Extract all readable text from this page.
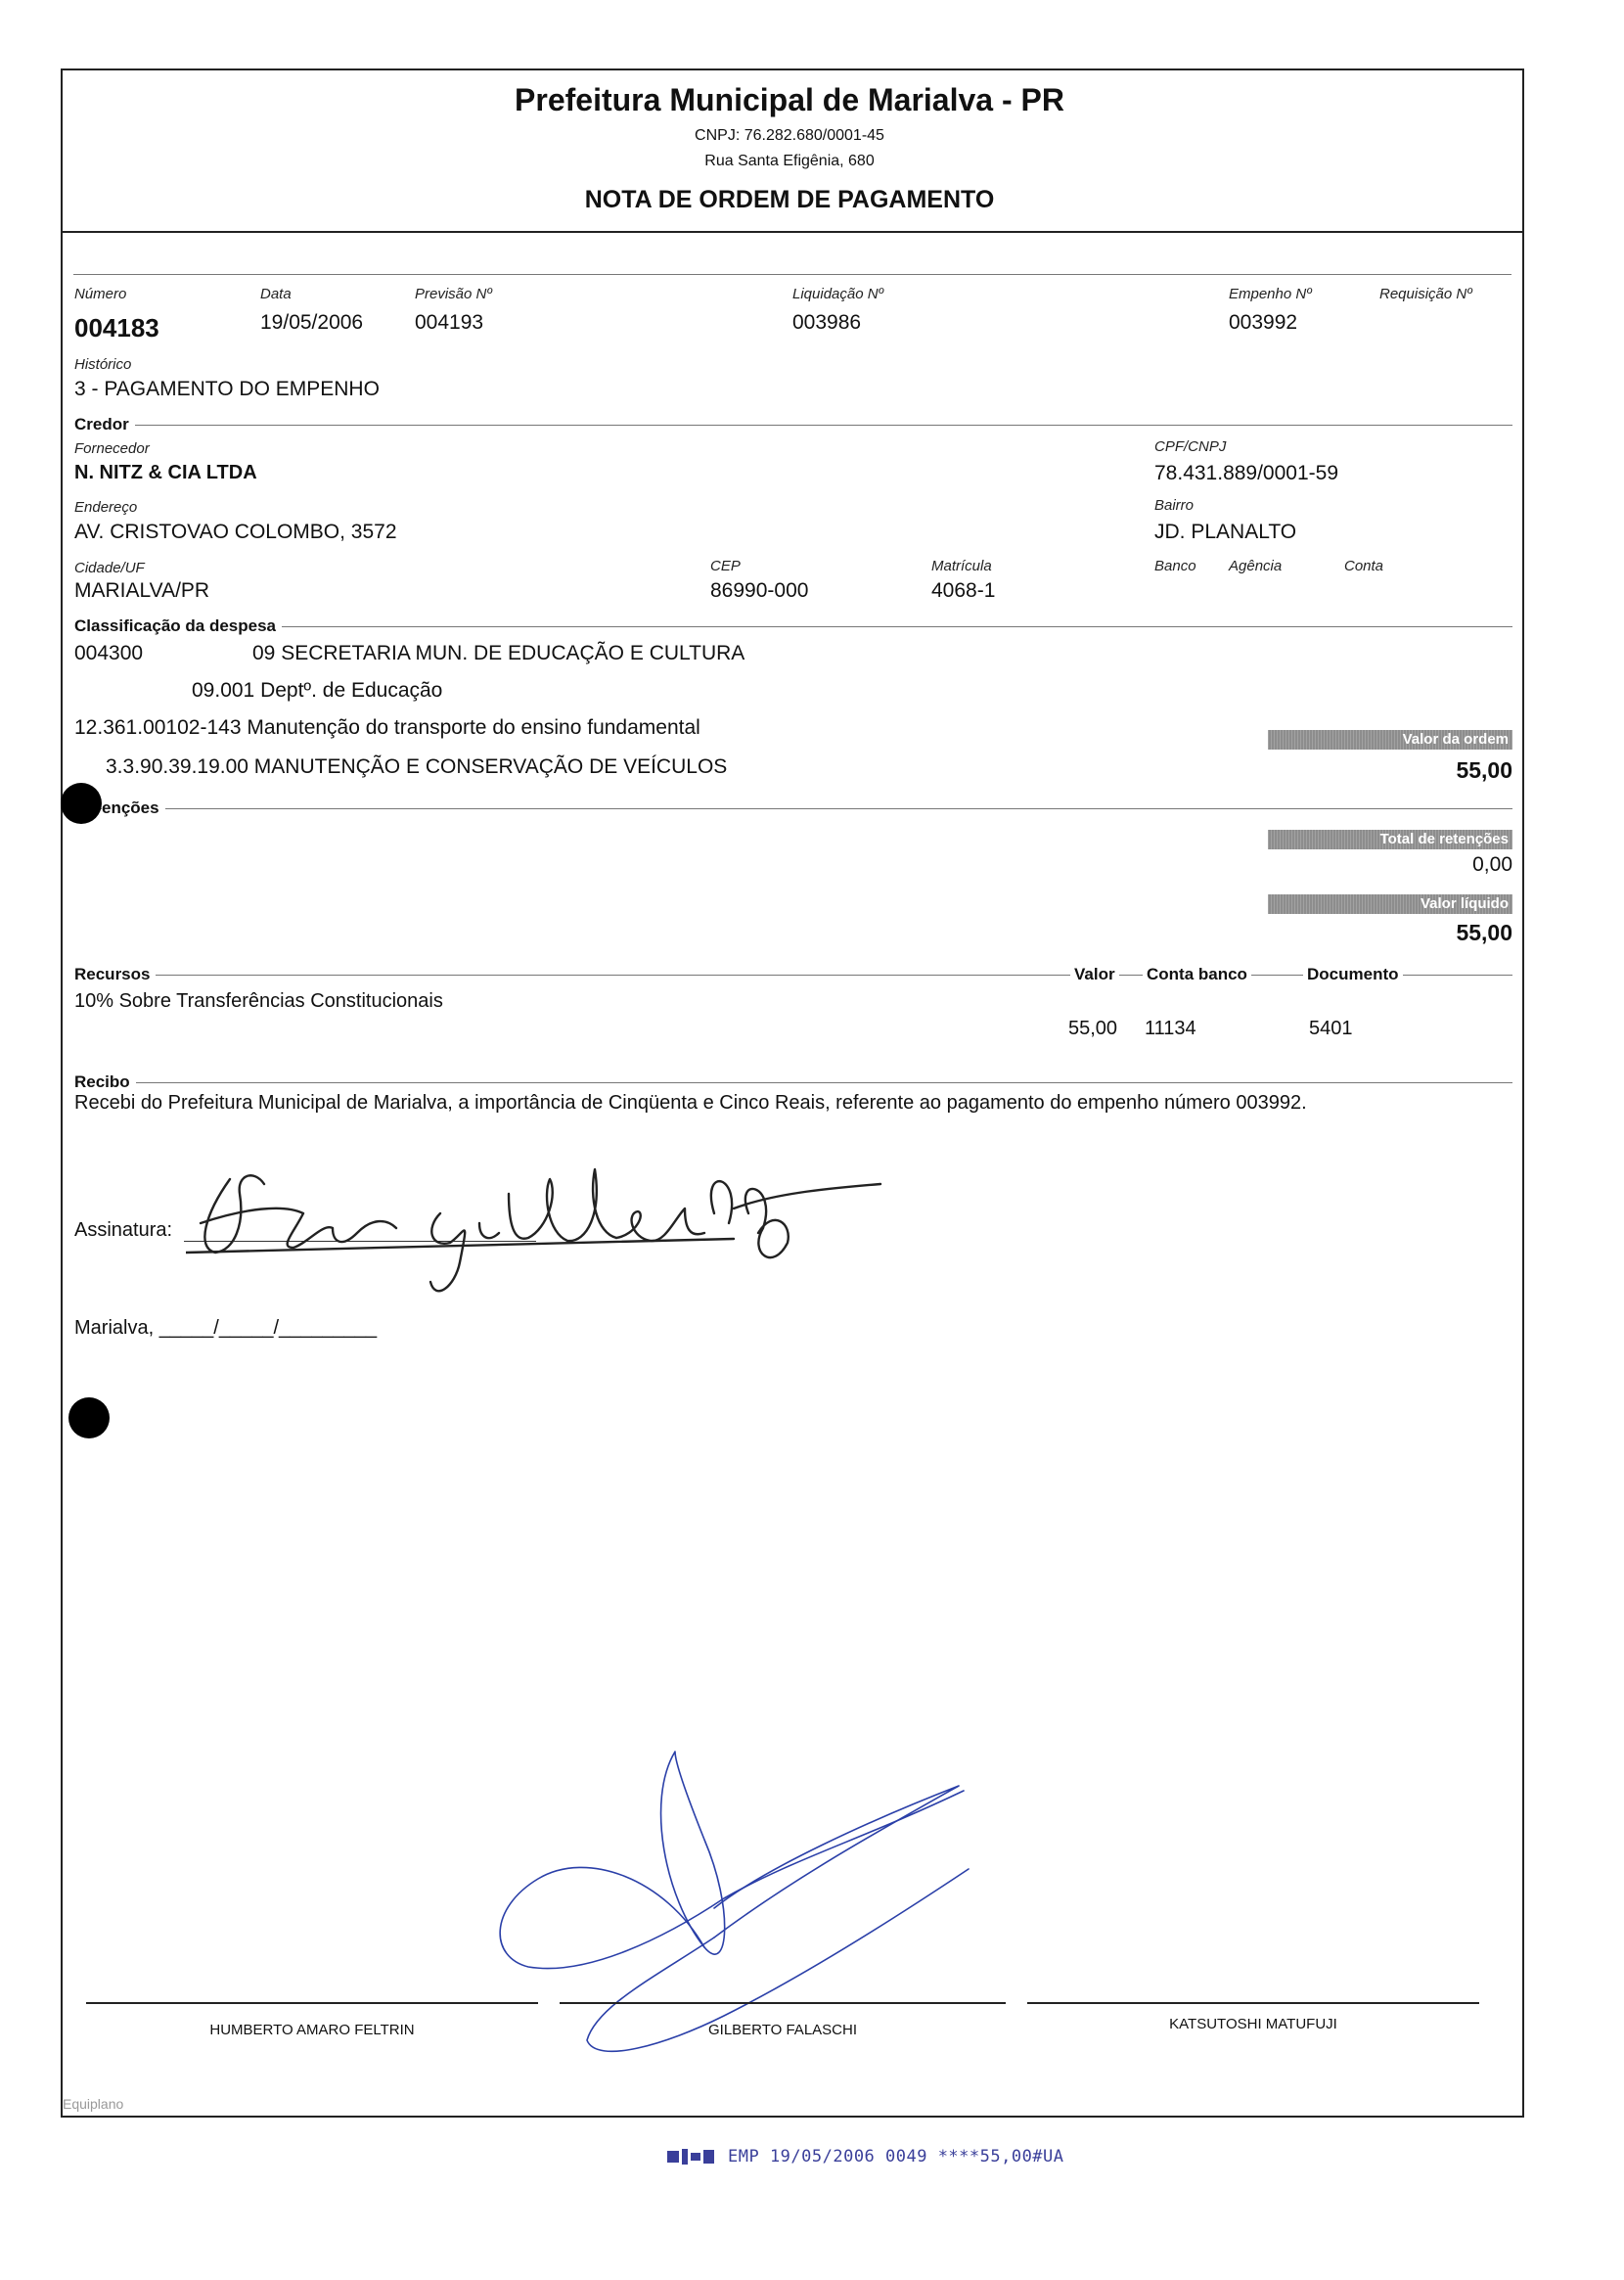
Prefeitura Municipal de Marialva - PR
CNPJ: 76.282.680/0001-45
Rua Santa Efigênia, 680
NOTA DE ORDEM DE PAGAMENTO
Número
004183
Data
19/05/2006
Previsão Nº
004193
Liquidação Nº
003986
Empenho Nº
003992
Requisição Nº
Histórico
3 - PAGAMENTO DO EMPENHO
Credor
Fornecedor
N. NITZ & CIA LTDA
CPF/CNPJ
78.431.889/0001-59
Endereço
AV. CRISTOVAO COLOMBO, 3572
Bairro
JD. PLANALTO
Cidade/UF
MARIALVA/PR
CEP
86990-000
Matrícula
4068-1
Banco Agência	Conta
Classificação da despesa
004300	09 SECRETARIA MUN. DE EDUCAÇÃO E CULTURA
09.001 Deptº. de Educação
12.361.00102-143 Manutenção do transporte do ensino fundamental
3.3.90.39.19.00 MANUTENÇÃO E CONSERVAÇÃO DE VEÍCULOS
Valor da ordem
55,00
enções
Total de retenções
0,00
Valor líquido
55,00
Recursos	Valor Conta banco	Documento
10% Sobre Transferências Constitucionais
55,00 11134	5401
Recibo
Recebi do Prefeitura Municipal de Marialva, a importância de Cinqüenta e Cinco Reais, referente ao pagamento do empenho número 003992.
Assinatura:
Marialva, _____/_____/_________
HUMBERTO AMARO FELTRIN	GILBERTO FALASCHI	KATSUTOSHI MATUFUJI
Equiplano
EMP 19/05/2006 0049 ****55,00#UA
